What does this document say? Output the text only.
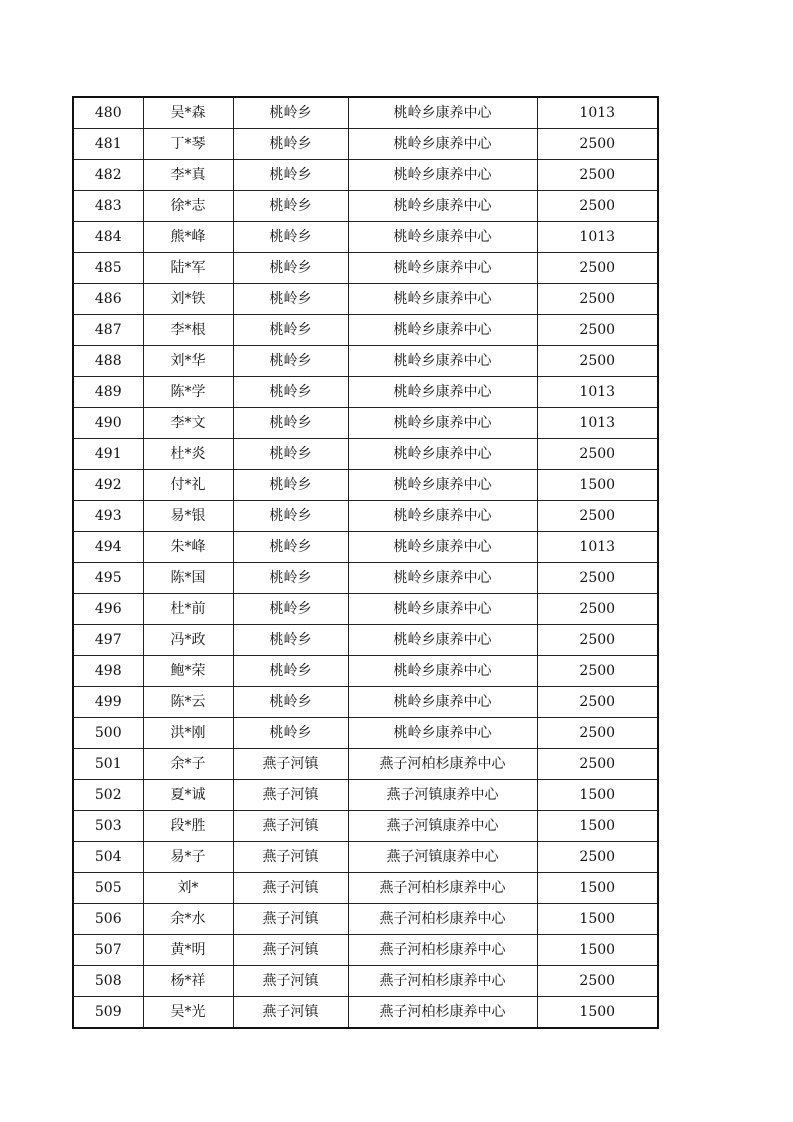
480	吴*森	桃岭乡	桃岭乡康养中心	1013
481	丁*琴	桃岭乡	桃岭乡康养中心	2500
482	李*真	桃岭乡	桃岭乡康养中心	2500
483	徐*志	桃岭乡	桃岭乡康养中心	2500
484	熊*峰	桃岭乡	桃岭乡康养中心	1013
485	陆*军	桃岭乡	桃岭乡康养中心	2500
486	刘*铁	桃岭乡	桃岭乡康养中心	2500
487	李*根	桃岭乡	桃岭乡康养中心	2500
488	刘*华	桃岭乡	桃岭乡康养中心	2500
489	陈*学	桃岭乡	桃岭乡康养中心	1013
490	李*文	桃岭乡	桃岭乡康养中心	1013
491	杜*炎	桃岭乡	桃岭乡康养中心	2500
492	付*礼	桃岭乡	桃岭乡康养中心	1500
493	易*银	桃岭乡	桃岭乡康养中心	2500
494	朱*峰	桃岭乡	桃岭乡康养中心	1013
495	陈*国	桃岭乡	桃岭乡康养中心	2500
496	杜*前	桃岭乡	桃岭乡康养中心	2500
497	冯*政	桃岭乡	桃岭乡康养中心	2500
498	鲍*荣	桃岭乡	桃岭乡康养中心	2500
499	陈*云	桃岭乡	桃岭乡康养中心	2500
500	洪*刚	桃岭乡	桃岭乡康养中心	2500
501	余*子	燕子河镇	燕子河柏杉康养中心	2500
502	夏*诚	燕子河镇	燕子河镇康养中心	1500
503	段*胜	燕子河镇	燕子河镇康养中心	1500
504	易*子	燕子河镇	燕子河镇康养中心	2500
505	刘*	燕子河镇	燕子河柏杉康养中心	1500
506	余*水	燕子河镇	燕子河柏杉康养中心	1500
507	黄*明	燕子河镇	燕子河柏杉康养中心	1500
508	杨*祥	燕子河镇	燕子河柏杉康养中心	2500
509	吴*光	燕子河镇	燕子河柏杉康养中心	1500
